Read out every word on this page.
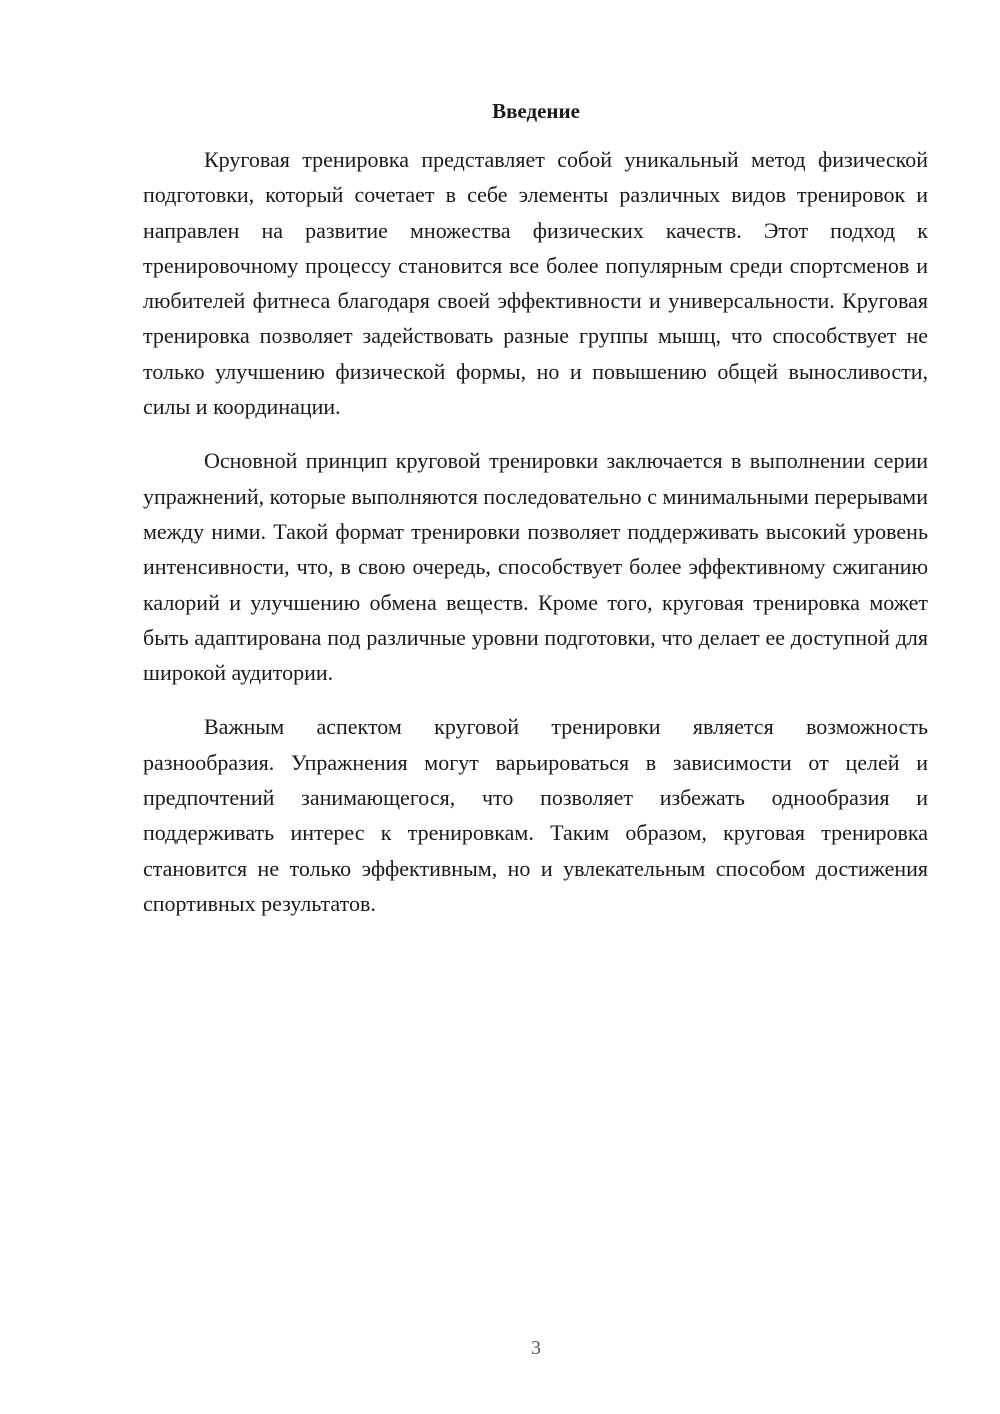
Введение

Круговая тренировка представляет собой уникальный метод физической подготовки, который сочетает в себе элементы различных видов тренировок и направлен на развитие множества физических качеств. Этот подход к тренировочному процессу становится все более популярным среди спортсменов и любителей фитнеса благодаря своей эффективности и универсальности. Круговая тренировка позволяет задействовать разные группы мышц, что способствует не только улучшению физической формы, но и повышению общей выносливости, силы и координации.

Основной принцип круговой тренировки заключается в выполнении серии упражнений, которые выполняются последовательно с минимальными перерывами между ними. Такой формат тренировки позволяет поддерживать высокий уровень интенсивности, что, в свою очередь, способствует более эффективному сжиганию калорий и улучшению обмена веществ. Кроме того, круговая тренировка может быть адаптирована под различные уровни подготовки, что делает ее доступной для широкой аудитории.

Важным аспектом круговой тренировки является возможность разнообразия. Упражнения могут варьироваться в зависимости от целей и предпочтений занимающегося, что позволяет избежать однообразия и поддерживать интерес к тренировкам. Таким образом, круговая тренировка становится не только эффективным, но и увлекательным способом достижения спортивных результатов.

3
